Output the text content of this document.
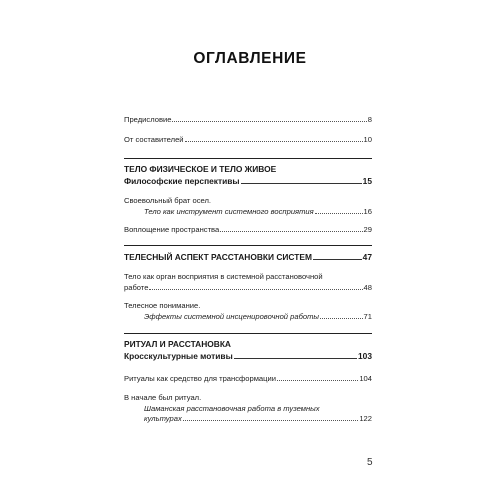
ОГЛАВЛЕНИЕ
Предисловие	8
От составителей	10
ТЕЛО ФИЗИЧЕСКОЕ И ТЕЛО ЖИВОЕ
Философские перспективы	15
Своевольный брат осел.
Тело как инструмент системного восприятия	16
Воплощение пространства	29
ТЕЛЕСНЫЙ АСПЕКТ РАССТАНОВКИ СИСТЕМ	47
Тело как орган восприятия в системной расстановочной
работе	48
Телесное понимание.
Эффекты системной инсценировочной работы	71
РИТУАЛ И РАССТАНОВКА
Кросскультурные мотивы	103
Ритуалы как средство для трансформации	104
В начале был ритуал.
Шаманская расстановочная работа в туземных
культурах	122
5
